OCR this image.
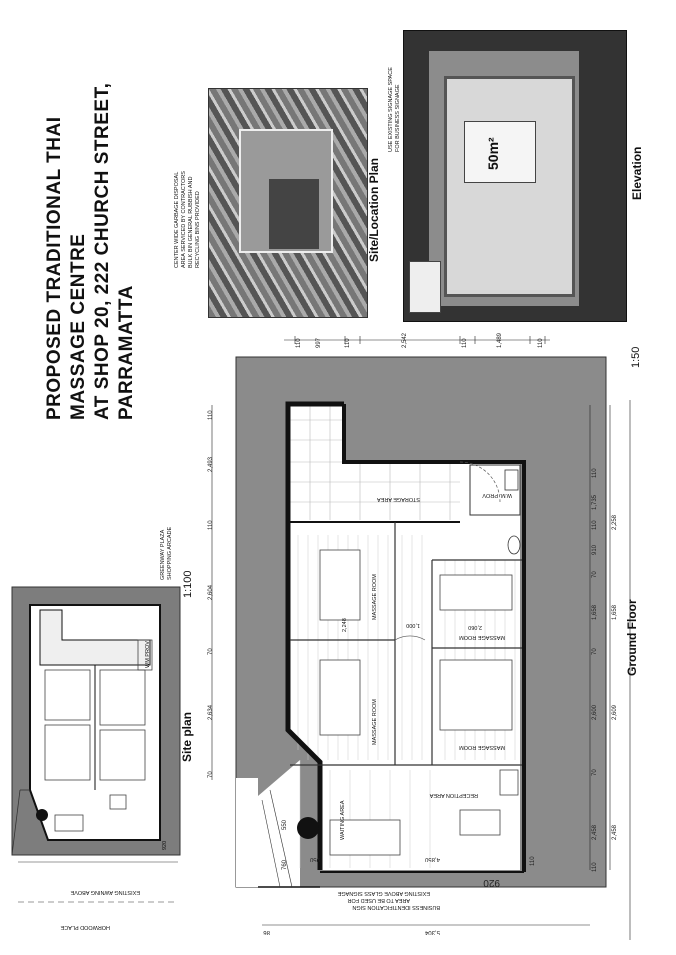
50m²
PROPOSED TRADITIONAL THAI MASSAGE CENTRE AT SHOP 20, 222 CHURCH STREET, PARRAMATTA
Site/Location Plan
CENTER WIDE GARBAGE DISPOSAL AREA SERVICED BY CONTRACTORS BULK BIN GENERAL RUBBISH AND RECYCLING BINS PROVIDED
Elevation
USE EXISTING SIGNAGE SPACE FOR BUSINESS SIGNAGE
Site plan
1:100
GREENWAY PLAZA SHOPPING ARCADE
EXISTING AWNING ABOVE
HORWOOD PLACE
WM PROV
920
Ground Floor
1:50
STORAGE AREA
MASSAGE ROOM
2,248
MASSAGE ROOM
MASSAGE ROOM
2,060
MASSAGE ROOM
1,000
RECEPTION AREA
WAITING AREA
W.M. PROV
EXISTING ABOVE GLASS SIGNAGE
AREA TO BE USED FOR
BUSINESS IDENTIFICATION SIGN
4,850
920
550
760
950	110
110
2,493
110
2,604
70
2,634
70
110
1,735
110
910
70
1,658
70
2,600
70
2,458
110
2,258
1,658
2,609
2,458
110 997	110	2,542	110	1,489	110
5,304
86
